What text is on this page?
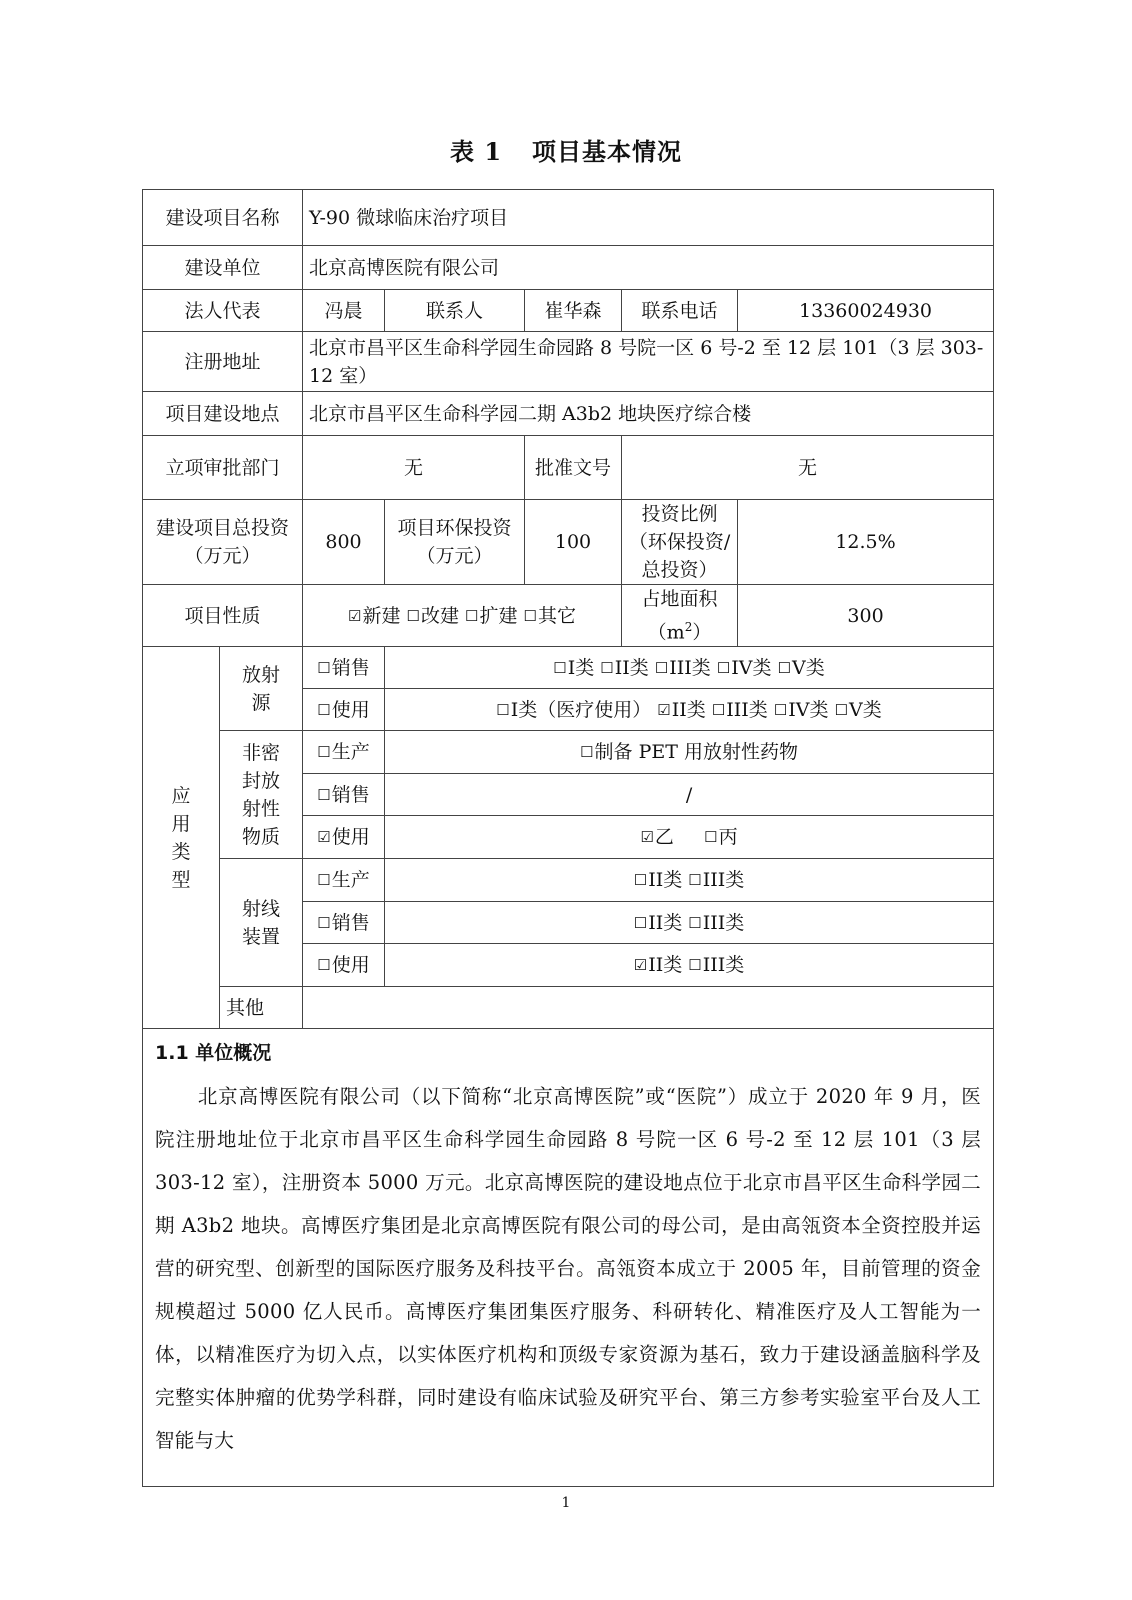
表 1 项目基本情况
建设项目名称		Y-90 微球临床治疗项目				
建设单位		北京高博医院有限公司				
法人代表		冯晨	联系人	崔华森	联系电话	13360024930
注册地址		北京市昌平区生命科学园生命园路 8 号院一区 6 号-2 至 12 层 101（3 层 303-12 室）				
项目建设地点		北京市昌平区生命科学园二期 A3b2 地块医疗综合楼				
立项审批部门		无		批准文号	无	
建设项目总投资（万元）		800	项目环保投资（万元）	100	投资比例（环保投资/总投资）	12.5%
项目性质		☑新建 ☐改建 ☐扩建 ☐其它			占地面积$(m^2)$	300

应
用
类
型	放射源	☐销售	☐I类 ☐II类 ☐III类 ☐IV类 ☐V类			
		☐使用	☐I类（医疗使用） ☑II类 ☐III类 ☐IV类 ☐V类			
	非密封放射性物质	☐生产	☐制备 PET 用放射性药物			
		☐销售	/			
		☑使用	☑乙 ☐丙			
	射线装置	☐生产	☐II类 ☐III类			
		☐销售	☐II类 ☐III类			
		☐使用	☑II类 ☐III类			
	其他					

1.1 单位概况
北京高博医院有限公司（以下简称“北京高博医院”或“医院”）成立于 2020 年 9 月，医院注册地址位于北京市昌平区生命科学园生命园路 8 号院一区 6 号-2 至 12 层 101（3 层 303-12 室），注册资本 5000 万元。北京高博医院的建设地点位于北京市昌平区生命科学园二期 A3b2 地块。高博医疗集团是北京高博医院有限公司的母公司，是由高瓴资本全资控股并运营的研究型、创新型的国际医疗服务及科技平台。高瓴资本成立于 2005 年，目前管理的资金规模超过 5000 亿人民币。高博医疗集团集医疗服务、科研转化、精准医疗及人工智能为一体，以精准医疗为切入点，以实体医疗机构和顶级专家资源为基石，致力于建设涵盖脑科学及完整实体肿瘤的优势学科群，同时建设有临床试验及研究平台、第三方参考实验室平台及人工智能与大						
1
